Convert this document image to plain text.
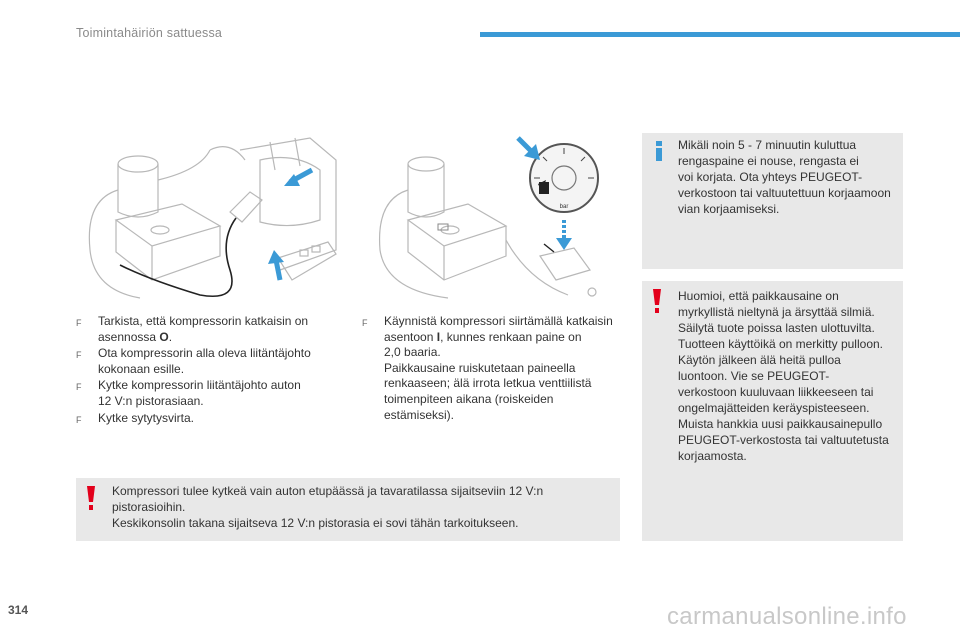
Toimintahäiriön sattuessa
bar
F Tarkista, että kompressorin katkaisin on
asennossa O.
F Ota kompressorin alla oleva liitäntäjohto
kokonaan esille.
F Kytke kompressorin liitäntäjohto auton
12 V:n pistorasiaan.
F Kytke sytytysvirta.
F Käynnistä kompressori siirtämällä katkaisin
asentoon I, kunnes renkaan paine on
2,0 baaria.
Paikkausaine ruiskutetaan paineella
renkaaseen; älä irrota letkua venttiilistä
toimenpiteen aikana (roiskeiden
estämiseksi).
Mikäli noin 5 - 7 minuutin kuluttua
rengaspaine ei nouse, rengasta ei
voi korjata. Ota yhteys PEUGEOT-
verkostoon tai valtuutettuun korjaamoon
vian korjaamiseksi.
Huomioi, että paikkausaine on
myrkyllistä nieltynä ja ärsyttää silmiä.
Säilytä tuote poissa lasten ulottuvilta.
Tuotteen käyttöikä on merkitty pulloon.
Käytön jälkeen älä heitä pulloa
luontoon. Vie se PEUGEOT-
verkostoon kuuluvaan liikkeeseen tai
ongelmajätteiden keräyspisteeseen.
Muista hankkia uusi paikkausainepullo
PEUGEOT-verkostosta tai valtuutetusta
korjaamosta.
Kompressori tulee kytkeä vain auton etupäässä ja tavaratilassa sijaitseviin 12 V:n
pistorasioihin.
Keskikonsolin takana sijaitseva 12 V:n pistorasia ei sovi tähän tarkoitukseen.
314	carmanualsonline.info
